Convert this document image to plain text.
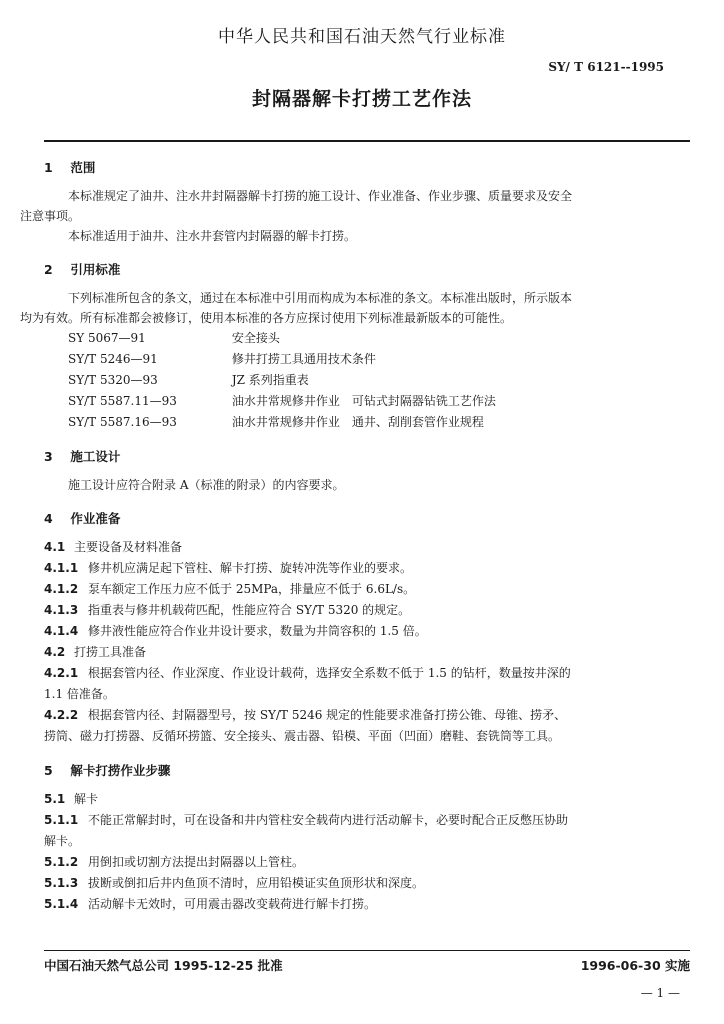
中华人民共和国石油天然气行业标准
SY/ T 6121--1995
封隔器解卡打捞工艺作法
1 范围
本标准规定了油井、注水井封隔器解卡打捞的施工设计、作业准备、作业步骤、质量要求及安全
注意事项。
本标准适用于油井、注水井套管内封隔器的解卡打捞。
2 引用标准
下列标准所包含的条文，通过在本标准中引用而构成为本标准的条文。本标准出版时，所示版本
均为有效。所有标准都会被修订，使用本标准的各方应探讨使用下列标准最新版本的可能性。
SY 5067—91	安全接头
SY/T 5246—91	修井打捞工具通用技术条件
SY/T 5320—93	JZ 系列指重表
SY/T 5587.11—93	油水井常规修井作业　可钻式封隔器钻铣工艺作法
SY/T 5587.16—93	油水井常规修井作业　通井、刮削套管作业规程
3 施工设计
施工设计应符合附录 A（标准的附录）的内容要求。
4 作业准备
4.1 主要设备及材料准备
4.1.1 修井机应满足起下管柱、解卡打捞、旋转冲洗等作业的要求。
4.1.2 泵车额定工作压力应不低于 25MPa，排量应不低于 6.6L/s。
4.1.3 指重表与修井机载荷匹配，性能应符合 SY/T 5320 的规定。
4.1.4 修井液性能应符合作业井设计要求，数量为井筒容积的 1.5 倍。
4.2 打捞工具准备
4.2.1 根据套管内径、作业深度、作业设计载荷，选择安全系数不低于 1.5 的钻杆，数量按井深的
1.1 倍准备。
4.2.2 根据套管内径、封隔器型号，按 SY/T 5246 规定的性能要求准备打捞公锥、母锥、捞矛、
捞筒、磁力打捞器、反循环捞篮、安全接头、震击器、铅模、平面（凹面）磨鞋、套铣筒等工具。
5 解卡打捞作业步骤
5.1 解卡
5.1.1 不能正常解封时，可在设备和井内管柱安全载荷内进行活动解卡，必要时配合正反憋压协助
解卡。
5.1.2 用倒扣或切割方法提出封隔器以上管柱。
5.1.3 拔断或倒扣后井内鱼顶不清时，应用铅模证实鱼顶形状和深度。
5.1.4 活动解卡无效时，可用震击器改变载荷进行解卡打捞。
中国石油天然气总公司 1995-12-25 批准	1996-06-30 实施
— 1 —
